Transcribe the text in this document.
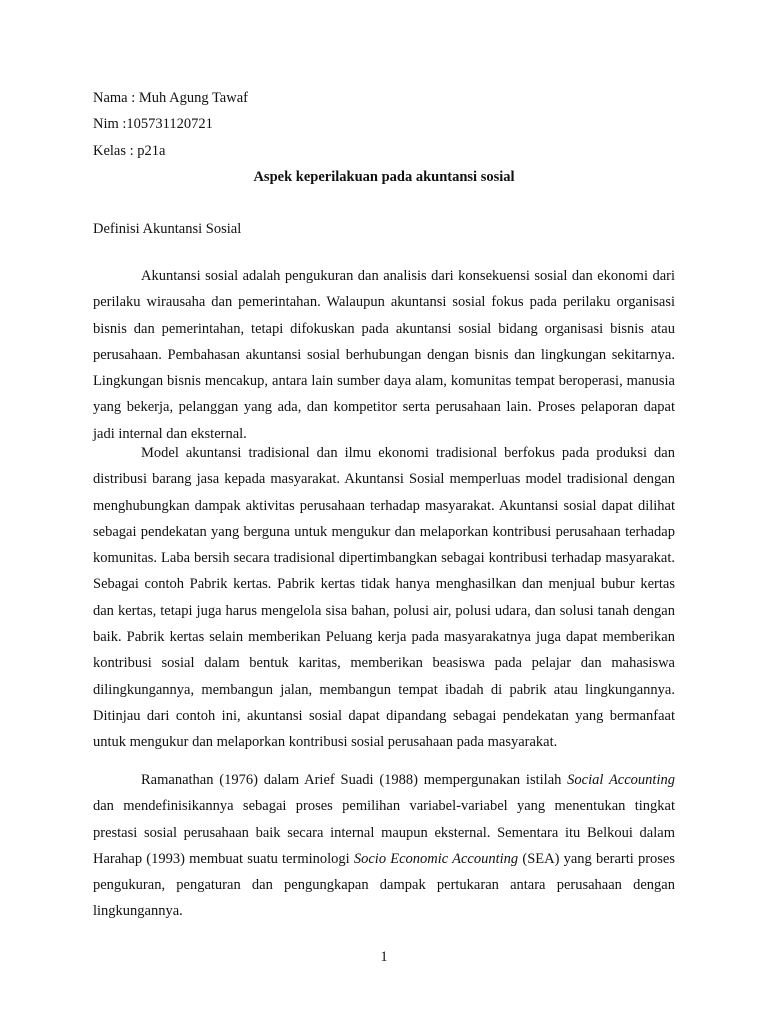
Nama : Muh Agung Tawaf
Nim :105731120721
Kelas : p21a
Aspek keperilakuan pada akuntansi sosial
Definisi Akuntansi Sosial
Akuntansi sosial adalah pengukuran dan analisis dari konsekuensi sosial dan ekonomi dari perilaku wirausaha dan pemerintahan. Walaupun akuntansi sosial fokus pada perilaku organisasi bisnis dan pemerintahan, tetapi difokuskan pada akuntansi sosial bidang organisasi bisnis atau perusahaan. Pembahasan akuntansi sosial berhubungan dengan bisnis dan lingkungan sekitarnya. Lingkungan bisnis mencakup, antara lain sumber daya alam, komunitas tempat beroperasi, manusia yang bekerja, pelanggan yang ada, dan kompetitor serta perusahaan lain. Proses pelaporan dapat jadi internal dan eksternal.
Model akuntansi tradisional dan ilmu ekonomi tradisional berfokus pada produksi dan distribusi barang jasa kepada masyarakat. Akuntansi Sosial memperluas model tradisional dengan menghubungkan dampak aktivitas perusahaan terhadap masyarakat. Akuntansi sosial dapat dilihat sebagai pendekatan yang berguna untuk mengukur dan melaporkan kontribusi perusahaan terhadap komunitas. Laba bersih secara tradisional dipertimbangkan sebagai kontribusi terhadap masyarakat. Sebagai contoh Pabrik kertas. Pabrik kertas tidak hanya menghasilkan dan menjual bubur kertas dan kertas, tetapi juga harus mengelola sisa bahan, polusi air, polusi udara, dan solusi tanah dengan baik. Pabrik kertas selain memberikan Peluang kerja pada masyarakatnya juga dapat memberikan kontribusi sosial dalam bentuk karitas, memberikan beasiswa pada pelajar dan mahasiswa dilingkungannya, membangun jalan, membangun tempat ibadah di pabrik atau lingkungannya. Ditinjau dari contoh ini, akuntansi sosial dapat dipandang sebagai pendekatan yang bermanfaat untuk mengukur dan melaporkan kontribusi sosial perusahaan pada masyarakat.
Ramanathan (1976) dalam Arief Suadi (1988) mempergunakan istilah Social Accounting dan mendefinisikannya sebagai proses pemilihan variabel-variabel yang menentukan tingkat prestasi sosial perusahaan baik secara internal maupun eksternal. Sementara itu Belkoui dalam Harahap (1993) membuat suatu terminologi Socio Economic Accounting (SEA) yang berarti proses pengukuran, pengaturan dan pengungkapan dampak pertukaran antara perusahaan dengan lingkungannya.
1
